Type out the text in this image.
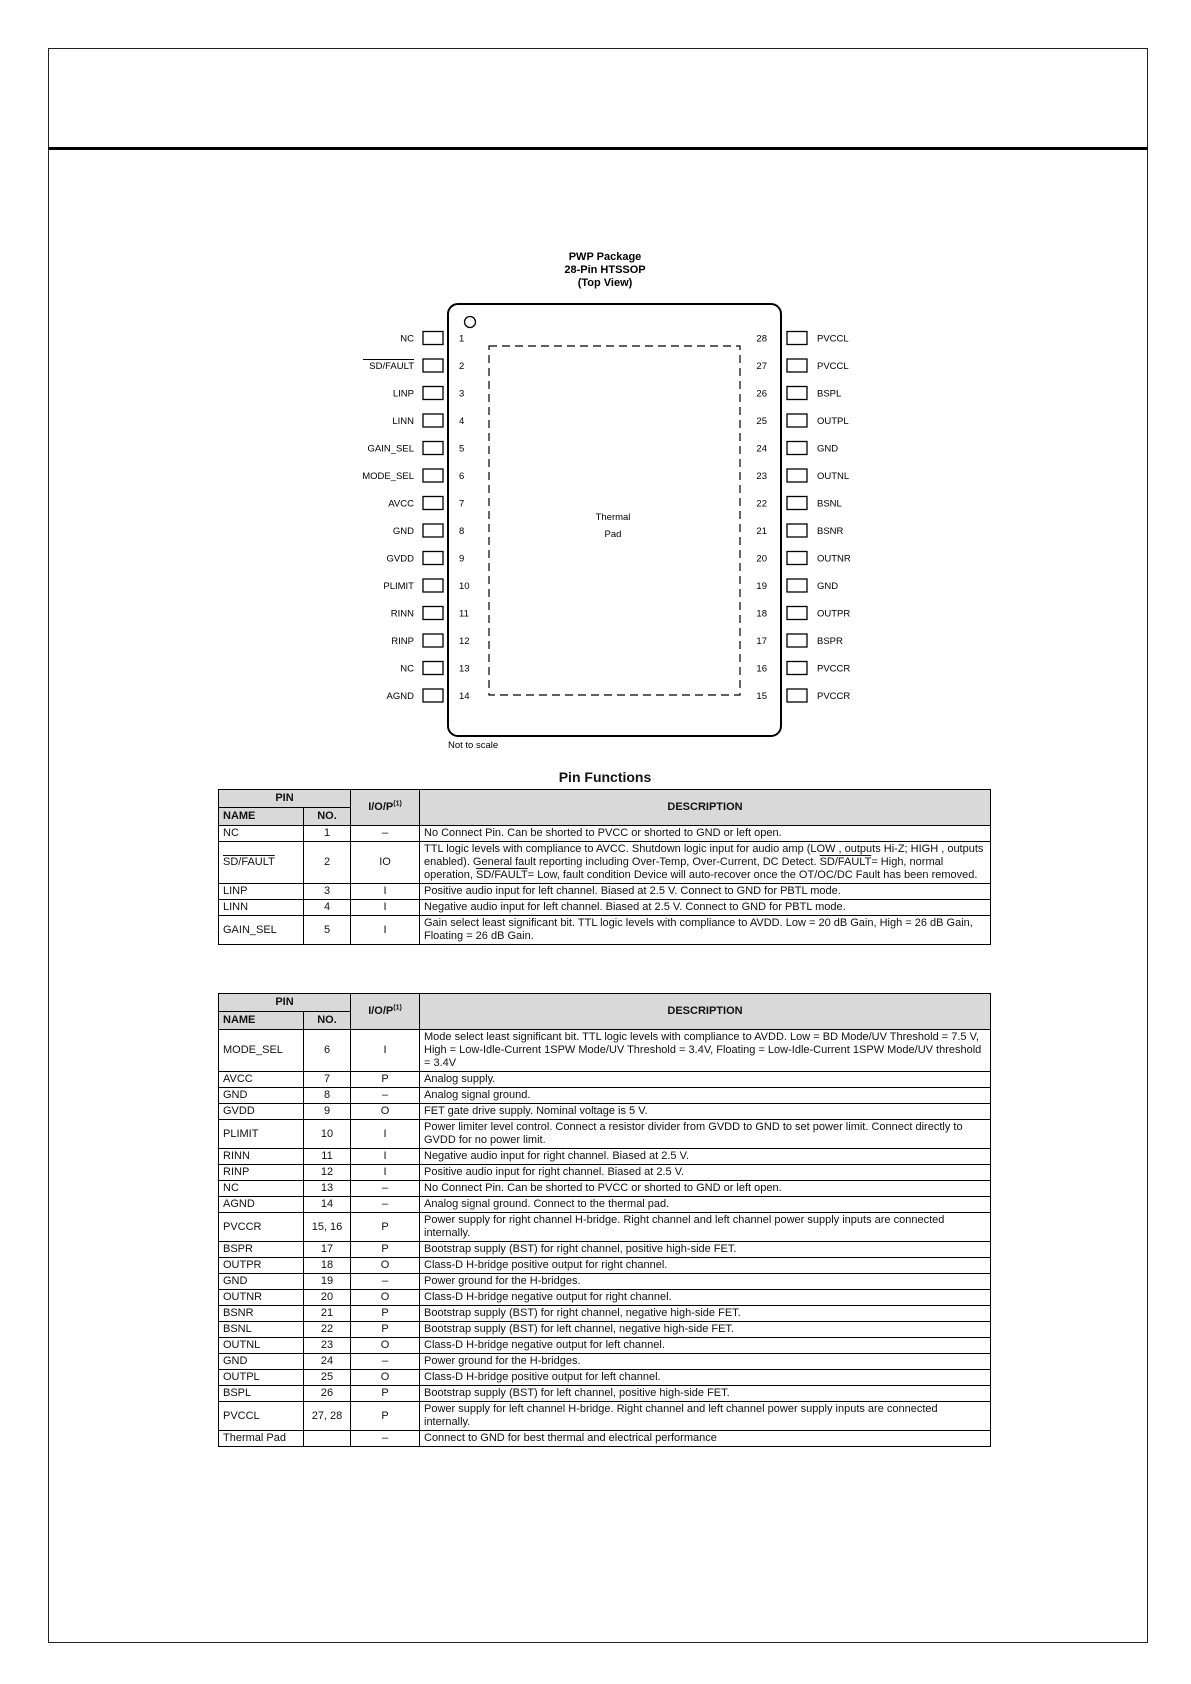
PWP Package
28-Pin HTSSOP
(Top View)
Thermal
Pad
NC	1
SD/FAULT	2
LINP	3
LINN	4
GAIN_SEL	5
MODE_SEL	6
AVCC	7
GND	8
GVDD	9
PLIMIT	10
RINN	11
RINP	12
NC	13
AGND	14
PVCCL
28
PVCCL
27
BSPL
26
OUTPL
25
GND
24
OUTNL
23
BSNL
22
BSNR
21
OUTNR
20
GND
19
OUTPR
18
BSPR
17
PVCCR
16
PVCCR
15
Not to scale
Pin Functions
PIN		$I/O/P^{(1)}$	DESCRIPTION
NAME	NO.		
NC	1	–	No Connect Pin. Can be shorted to PVCC or shorted to GND or left open.
SD/FAULT	2	IO	TTL logic levels with compliance to AVCC. Shutdown logic input for audio amp (LOW , outputs Hi-Z; HIGH , outputs enabled). General fault reporting including Over-Temp, Over-Current, DC Detect. SD/FAULT= High, normal operation, SD/FAULT= Low, fault condition Device will auto-recover once the OT/OC/DC Fault has been removed.
LINP	3	I	Positive audio input for left channel. Biased at 2.5 V. Connect to GND for PBTL mode.
LINN	4	I	Negative audio input for left channel. Biased at 2.5 V. Connect to GND for PBTL mode.
GAIN_SEL	5	I	Gain select least significant bit. TTL logic levels with compliance to AVDD. Low = 20 dB Gain, High = 26 dB Gain, Floating = 26 dB Gain.
PIN		$I/O/P^{(1)}$	DESCRIPTION
NAME	NO.		
MODE_SEL	6	I	Mode select least significant bit. TTL logic levels with compliance to AVDD. Low = BD Mode/UV Threshold = 7.5 V, High = Low-Idle-Current 1SPW Mode/UV Threshold = 3.4V, Floating = Low-Idle-Current 1SPW Mode/UV threshold = 3.4V
AVCC	7	P	Analog supply.
GND	8	–	Analog signal ground.
GVDD	9	O	FET gate drive supply. Nominal voltage is 5 V.
PLIMIT	10	I	Power limiter level control. Connect a resistor divider from GVDD to GND to set power limit. Connect directly to GVDD for no power limit.
RINN	11	I	Negative audio input for right channel. Biased at 2.5 V.
RINP	12	I	Positive audio input for right channel. Biased at 2.5 V.
NC	13	–	No Connect Pin. Can be shorted to PVCC or shorted to GND or left open.
AGND	14	–	Analog signal ground. Connect to the thermal pad.
PVCCR	15, 16	P	Power supply for right channel H-bridge. Right channel and left channel power supply inputs are connected internally.
BSPR	17	P	Bootstrap supply (BST) for right channel, positive high-side FET.
OUTPR	18	O	Class-D H-bridge positive output for right channel.
GND	19	–	Power ground for the H-bridges.
OUTNR	20	O	Class-D H-bridge negative output for right channel.
BSNR	21	P	Bootstrap supply (BST) for right channel, negative high-side FET.
BSNL	22	P	Bootstrap supply (BST) for left channel, negative high-side FET.
OUTNL	23	O	Class-D H-bridge negative output for left channel.
GND	24	–	Power ground for the H-bridges.
OUTPL	25	O	Class-D H-bridge positive output for left channel.
BSPL	26	P	Bootstrap supply (BST) for left channel, positive high-side FET.
PVCCL	27, 28	P	Power supply for left channel H-bridge. Right channel and left channel power supply inputs are connected internally.
Thermal Pad		–	Connect to GND for best thermal and electrical performance
